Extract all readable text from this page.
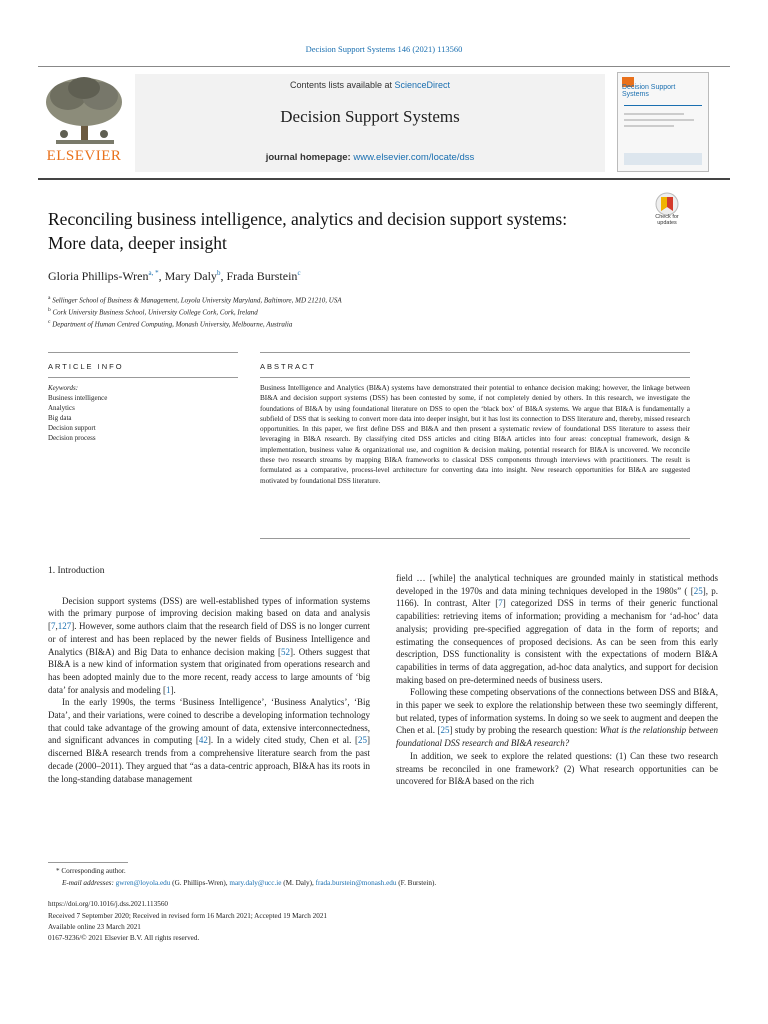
Decision Support Systems 146 (2021) 113560
ELSEVIER
Contents lists available at ScienceDirect
Decision Support Systems
journal homepage: www.elsevier.com/locate/dss
Decision Support Systems
Reconciling business intelligence, analytics and decision support systems:
More data, deeper insight
Check for updates
Gloria Phillips-Wren$^{a, *}$, Mary Daly$^b$, Frada Burstein$^c$
$^a$ Sellinger School of Business & Management, Loyola University Maryland, Baltimore, MD 21210, USA
$^b$ Cork University Business School, University College Cork, Cork, Ireland
$^c$ Department of Human Centred Computing, Monash University, Melbourne, Australia
ARTICLE INFO	ABSTRACT
Keywords:
Business intelligence
Analytics
Big data
Decision support
Decision process
Business Intelligence and Analytics (BI&A) systems have demonstrated their potential to enhance decision making; however, the linkage between BI&A and decision support systems (DSS) has been contested by some, if not completely denied by others. In this research, we investigate the foundations of BI&A by using foundational literature on DSS to open the ‘black box’ of BI&A systems. We argue that BI&A is fundamentally a subfield of DSS that is seeking to convert more data into deeper insight, but it has lost its connection to DSS literature and, thereby, missed research opportunities. In this paper, we first define DSS and BI&A and then present a systematic review of foundational DSS literature to assess their leveraging in BI&A research. By classifying cited DSS articles and citing BI&A articles into four areas: conceptual framework, design & implementation, business value & organizational use, and cognition & decision making, potential research for BI&A is uncovered. We reconcile these two research streams by mapping BI&A frameworks to classical DSS components through interviews with practitioners. The result is formulated as a comparative, process-level architecture for converting data into insight. New research opportunities for BI&A are suggested motivated by foundational DSS literature.
1. Introduction

Decision support systems (DSS) are well-established types of information systems with the primary purpose of improving decision making based on data and analysis [7,127]. However, some authors claim that the research field of DSS is no longer current or of interest and has been replaced by the newer fields of Business Intelligence and Analytics (BI&A) and Big Data to enhance decision making [52]. Others suggest that BI&A is a new kind of information system that originated from operations research and has been adopted mainly due to the more recent, ready access to large amounts of ‘big data’ for analysis and modeling [1].

In the early 1990s, the terms ‘Business Intelligence’, ‘Business Analytics’, ‘Big Data’, and their variations, were coined to describe a developing information technology that could take advantage of the growing amount of data, extensive interconnectedness, and significant advances in computing [42]. In a widely cited study, Chen et al. [25] discerned BI&A research trends from a comprehensive literature search from the past decade (2000–2011). They argued that “as a data-centric approach, BI&A has its roots in the long-standing database management

field … [while] the analytical techniques are grounded mainly in statistical methods developed in the 1970s and data mining techniques developed in the 1980s” ( [25], p. 1166). In contrast, Alter [7] categorized DSS in terms of their generic functional capabilities: retrieving items of information; providing a mechanism for ‘ad-hoc’ data analysis; providing pre-specified aggregation of data in the form of reports; and estimating the consequences of proposed decisions. As can be seen from this early description, DSS functionality is consistent with the expectations of modern BI&A capabilities in terms of data aggregation, ad-hoc data analytics, and support for decision making based on pre-determined needs of business users.

Following these competing observations of the connections between DSS and BI&A, in this paper we seek to explore the relationship between these two seemingly different, but related, types of information systems. In doing so we seek to augment and deepen the Chen et al. [25] study by probing the research question: What is the relationship between foundational DSS research and BI&A research?

In addition, we seek to explore the related questions: (1) Can these two research streams be reconciled in one framework? (2) What research opportunities can be uncovered for BI&A based on the rich

* Corresponding author.
E-mail addresses: gwren@loyola.edu (G. Phillips-Wren), mary.daly@ucc.ie (M. Daly), frada.burstein@monash.edu (F. Burstein).
https://doi.org/10.1016/j.dss.2021.113560
Received 7 September 2020; Received in revised form 16 March 2021; Accepted 19 March 2021
Available online 23 March 2021
0167-9236/© 2021 Elsevier B.V. All rights reserved.
